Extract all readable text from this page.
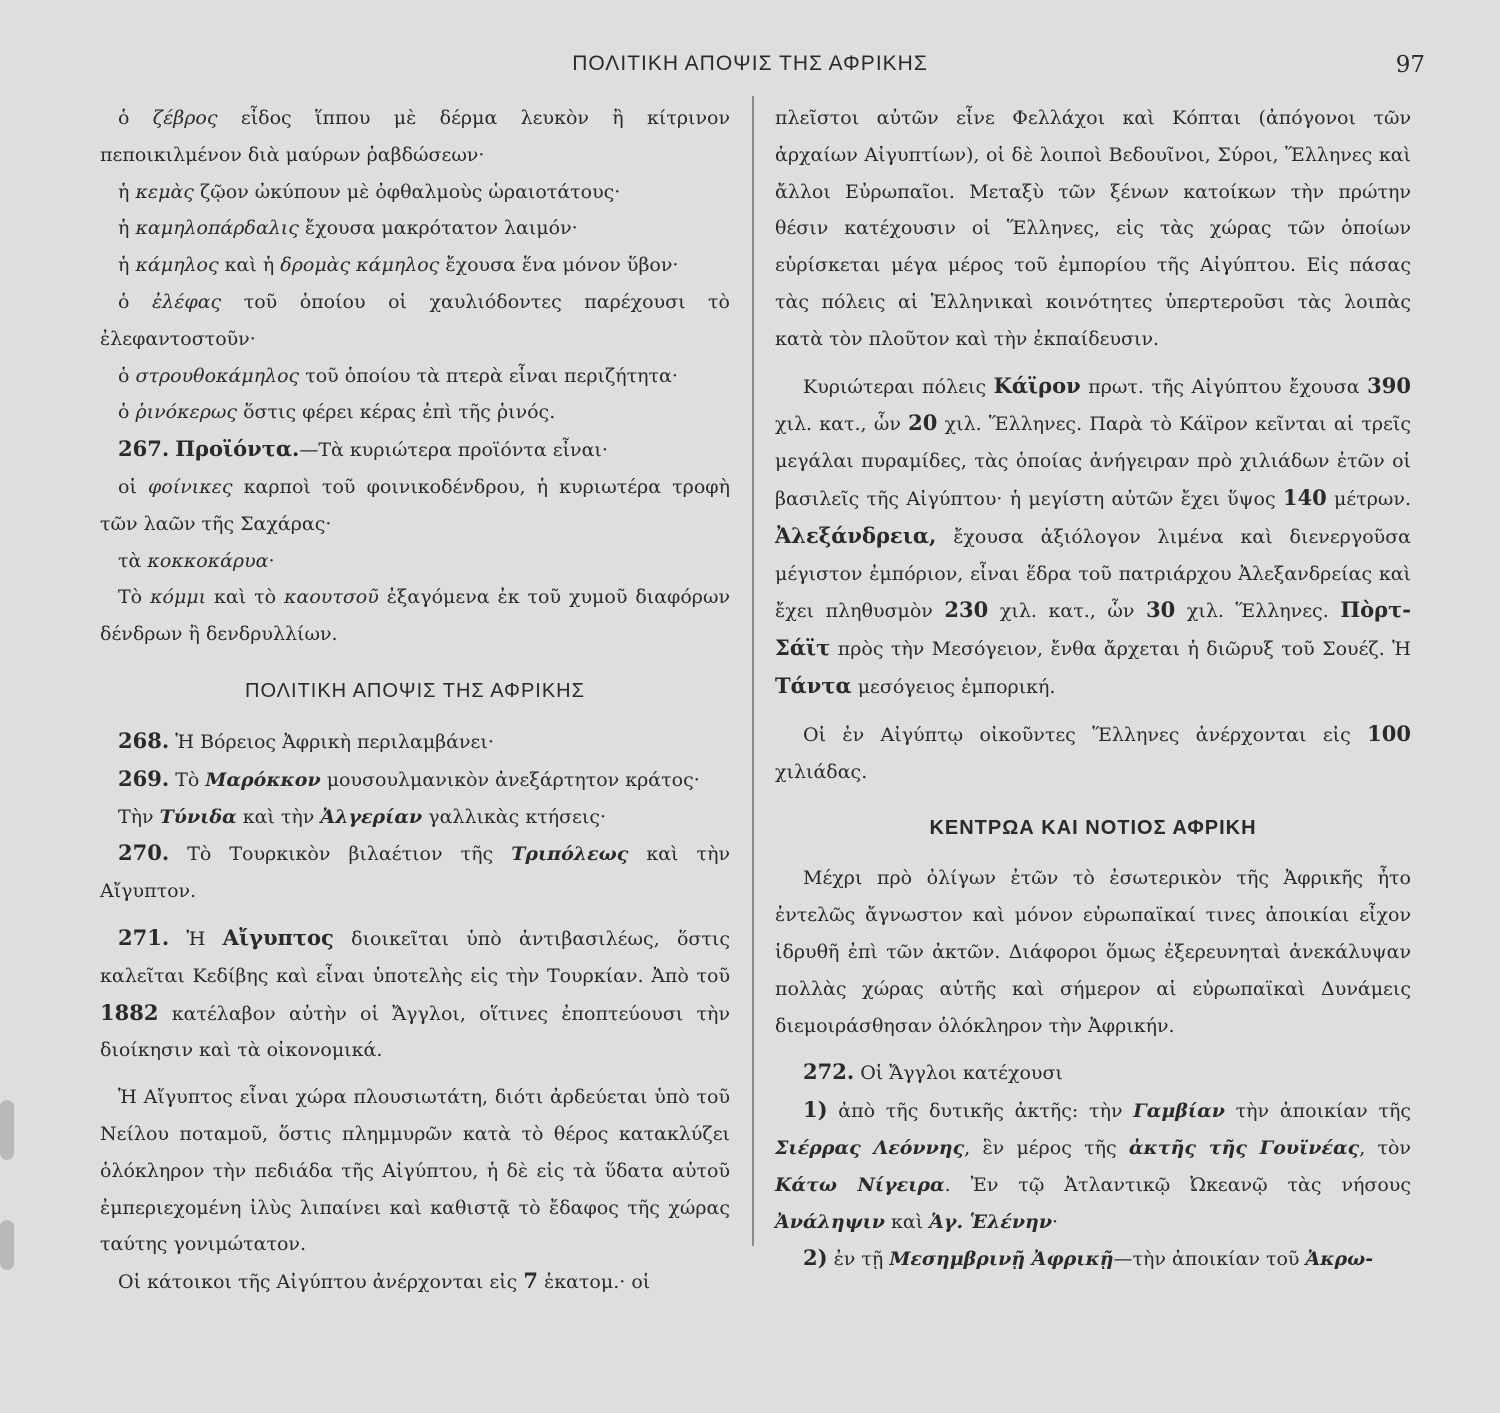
ΠΟΛΙΤΙΚΗ ΑΠΟΨΙΣ ΤΗΣ ΑΦΡΙΚΗΣ	97

ὁ ζέβρος εἶδος ἵππου μὲ δέρμα λευκὸν ἢ κίτρινον πεποικιλμένον διὰ μαύρων ῥαβδώσεων·

ἡ κεμὰς ζῷον ὠκύπουν μὲ ὀφθαλμοὺς ὡραιοτάτους·

ἡ καμηλοπάρδαλις ἔχουσα μακρότατον λαιμόν·

ἡ κάμηλος καὶ ἡ δρομὰς κάμηλος ἔχουσα ἕνα μόνον ὕβον·

ὁ ἐλέφας τοῦ ὁποίου οἱ χαυλιόδοντες παρέχουσι τὸ ἐλεφαντοστοῦν·

ὁ στρουθοκάμηλος τοῦ ὁποίου τὰ πτερὰ εἶναι περιζήτητα·

ὁ ῥινόκερως ὅστις φέρει κέρας ἐπὶ τῆς ῥινός.

267. Προϊόντα.—Τὰ κυριώτερα προϊόντα εἶναι·

οἱ φοίνικες καρποὶ τοῦ φοινικοδένδρου, ἡ κυριωτέρα τροφὴ τῶν λαῶν τῆς Σαχάρας·

τὰ κοκκοκάρυα·

Τὸ κόμμι καὶ τὸ καουτσοῦ ἐξαγόμενα ἐκ τοῦ χυμοῦ διαφόρων δένδρων ἢ δενδρυλλίων.

ΠΟΛΙΤΙΚΗ ΑΠΟΨΙΣ ΤΗΣ ΑΦΡΙΚΗΣ

268. Ἡ Βόρειος Ἀφρικὴ περιλαμβάνει·

269. Τὸ Μαρόκκον μουσουλμανικὸν ἀνεξάρτητον κράτος·

Τὴν Τύνιδα καὶ τὴν Ἀλγερίαν γαλλικὰς κτήσεις·

270. Τὸ Τουρκικὸν βιλαέτιον τῆς Τριπόλεως καὶ τὴν Αἴγυπτον.

271. Ἡ Αἴγυπτος διοικεῖται ὑπὸ ἀντιβασιλέως, ὅστις καλεῖται Κεδίβης καὶ εἶναι ὑποτελὴς εἰς τὴν Τουρκίαν. Ἀπὸ τοῦ 1882 κατέλαβον αὐτὴν οἱ Ἄγγλοι, οἵτινες ἐποπτεύουσι τὴν διοίκησιν καὶ τὰ οἰκονομικά.

Ἡ Αἴγυπτος εἶναι χώρα πλουσιωτάτη, διότι ἀρδεύεται ὑπὸ τοῦ Νείλου ποταμοῦ, ὅστις πλημμυρῶν κατὰ τὸ θέρος κατακλύζει ὁλόκληρον τὴν πεδιάδα τῆς Αἰγύπτου, ἡ δὲ εἰς τὰ ὕδατα αὐτοῦ ἐμπεριεχομένη ἰλὺς λιπαίνει καὶ καθιστᾷ τὸ ἔδαφος τῆς χώρας ταύτης γονιμώτατον.

Οἱ κάτοικοι τῆς Αἰγύπτου ἀνέρχονται εἰς 7 ἑκατομ.· οἱ

πλεῖστοι αὐτῶν εἶνε Φελλάχοι καὶ Κόπται (ἀπόγονοι τῶν ἀρχαίων Αἰγυπτίων), οἱ δὲ λοιποὶ Βεδουῖνοι, Σύροι, Ἕλληνες καὶ ἄλλοι Εὐρωπαῖοι. Μεταξὺ τῶν ξένων κατοίκων τὴν πρώτην θέσιν κατέχουσιν οἱ Ἕλληνες, εἰς τὰς χώρας τῶν ὁποίων εὑρίσκεται μέγα μέρος τοῦ ἐμπορίου τῆς Αἰγύπτου. Εἰς πάσας τὰς πόλεις αἱ Ἑλληνικαὶ κοινότητες ὑπερτεροῦσι τὰς λοιπὰς κατὰ τὸν πλοῦτον καὶ τὴν ἐκπαίδευσιν.

Κυριώτεραι πόλεις Κάϊρον πρωτ. τῆς Αἰγύπτου ἔχουσα 390 χιλ. κατ., ὧν 20 χιλ. Ἕλληνες. Παρὰ τὸ Κάϊρον κεῖνται αἱ τρεῖς μεγάλαι πυραμίδες, τὰς ὁποίας ἀνήγειραν πρὸ χιλιάδων ἐτῶν οἱ βασιλεῖς τῆς Αἰγύπτου· ἡ μεγίστη αὐτῶν ἔχει ὕψος 140 μέτρων. Ἀλεξάνδρεια, ἔχουσα ἀξιόλογον λιμένα καὶ διενεργοῦσα μέγιστον ἐμπόριον, εἶναι ἕδρα τοῦ πατριάρχου Ἀλεξανδρείας καὶ ἔχει πληθυσμὸν 230 χιλ. κατ., ὧν 30 χιλ. Ἕλληνες. Πὸρτ-Σάϊτ πρὸς τὴν Μεσόγειον, ἔνθα ἄρχεται ἡ διῶρυξ τοῦ Σουέζ. Ἡ Τάντα μεσόγειος ἐμπορική.

Οἱ ἐν Αἰγύπτῳ οἰκοῦντες Ἕλληνες ἀνέρχονται εἰς 100 χιλιάδας.

ΚΕΝΤΡΩΑ ΚΑΙ ΝΟΤΙΟΣ ΑΦΡΙΚΗ

Μέχρι πρὸ ὀλίγων ἐτῶν τὸ ἐσωτερικὸν τῆς Ἀφρικῆς ἦτο ἐντελῶς ἄγνωστον καὶ μόνον εὐρωπαϊκαί τινες ἀποικίαι εἶχον ἱδρυθῆ ἐπὶ τῶν ἀκτῶν. Διάφοροι ὅμως ἐξερευνηταὶ ἀνεκάλυψαν πολλὰς χώρας αὐτῆς καὶ σήμερον αἱ εὐρωπαϊκαὶ Δυνάμεις διεμοιράσθησαν ὁλόκληρον τὴν Ἀφρικήν.

272. Οἱ Ἄγγλοι κατέχουσι

1) ἀπὸ τῆς δυτικῆς ἀκτῆς: τὴν Γαμβίαν τὴν ἀποικίαν τῆς Σιέρρας Λεόννης, ἓν μέρος τῆς ἀκτῆς τῆς Γουϊνέας, τὸν Κάτω Νίγειρα. Ἐν τῷ Ἀτλαντικῷ Ὠκεανῷ τὰς νήσους Ἀνάληψιν καὶ Ἁγ. Ἑλένην·

2) ἐν τῇ Μεσημβρινῇ Ἀφρικῇ—τὴν ἀποικίαν τοῦ Ἀκρω-
